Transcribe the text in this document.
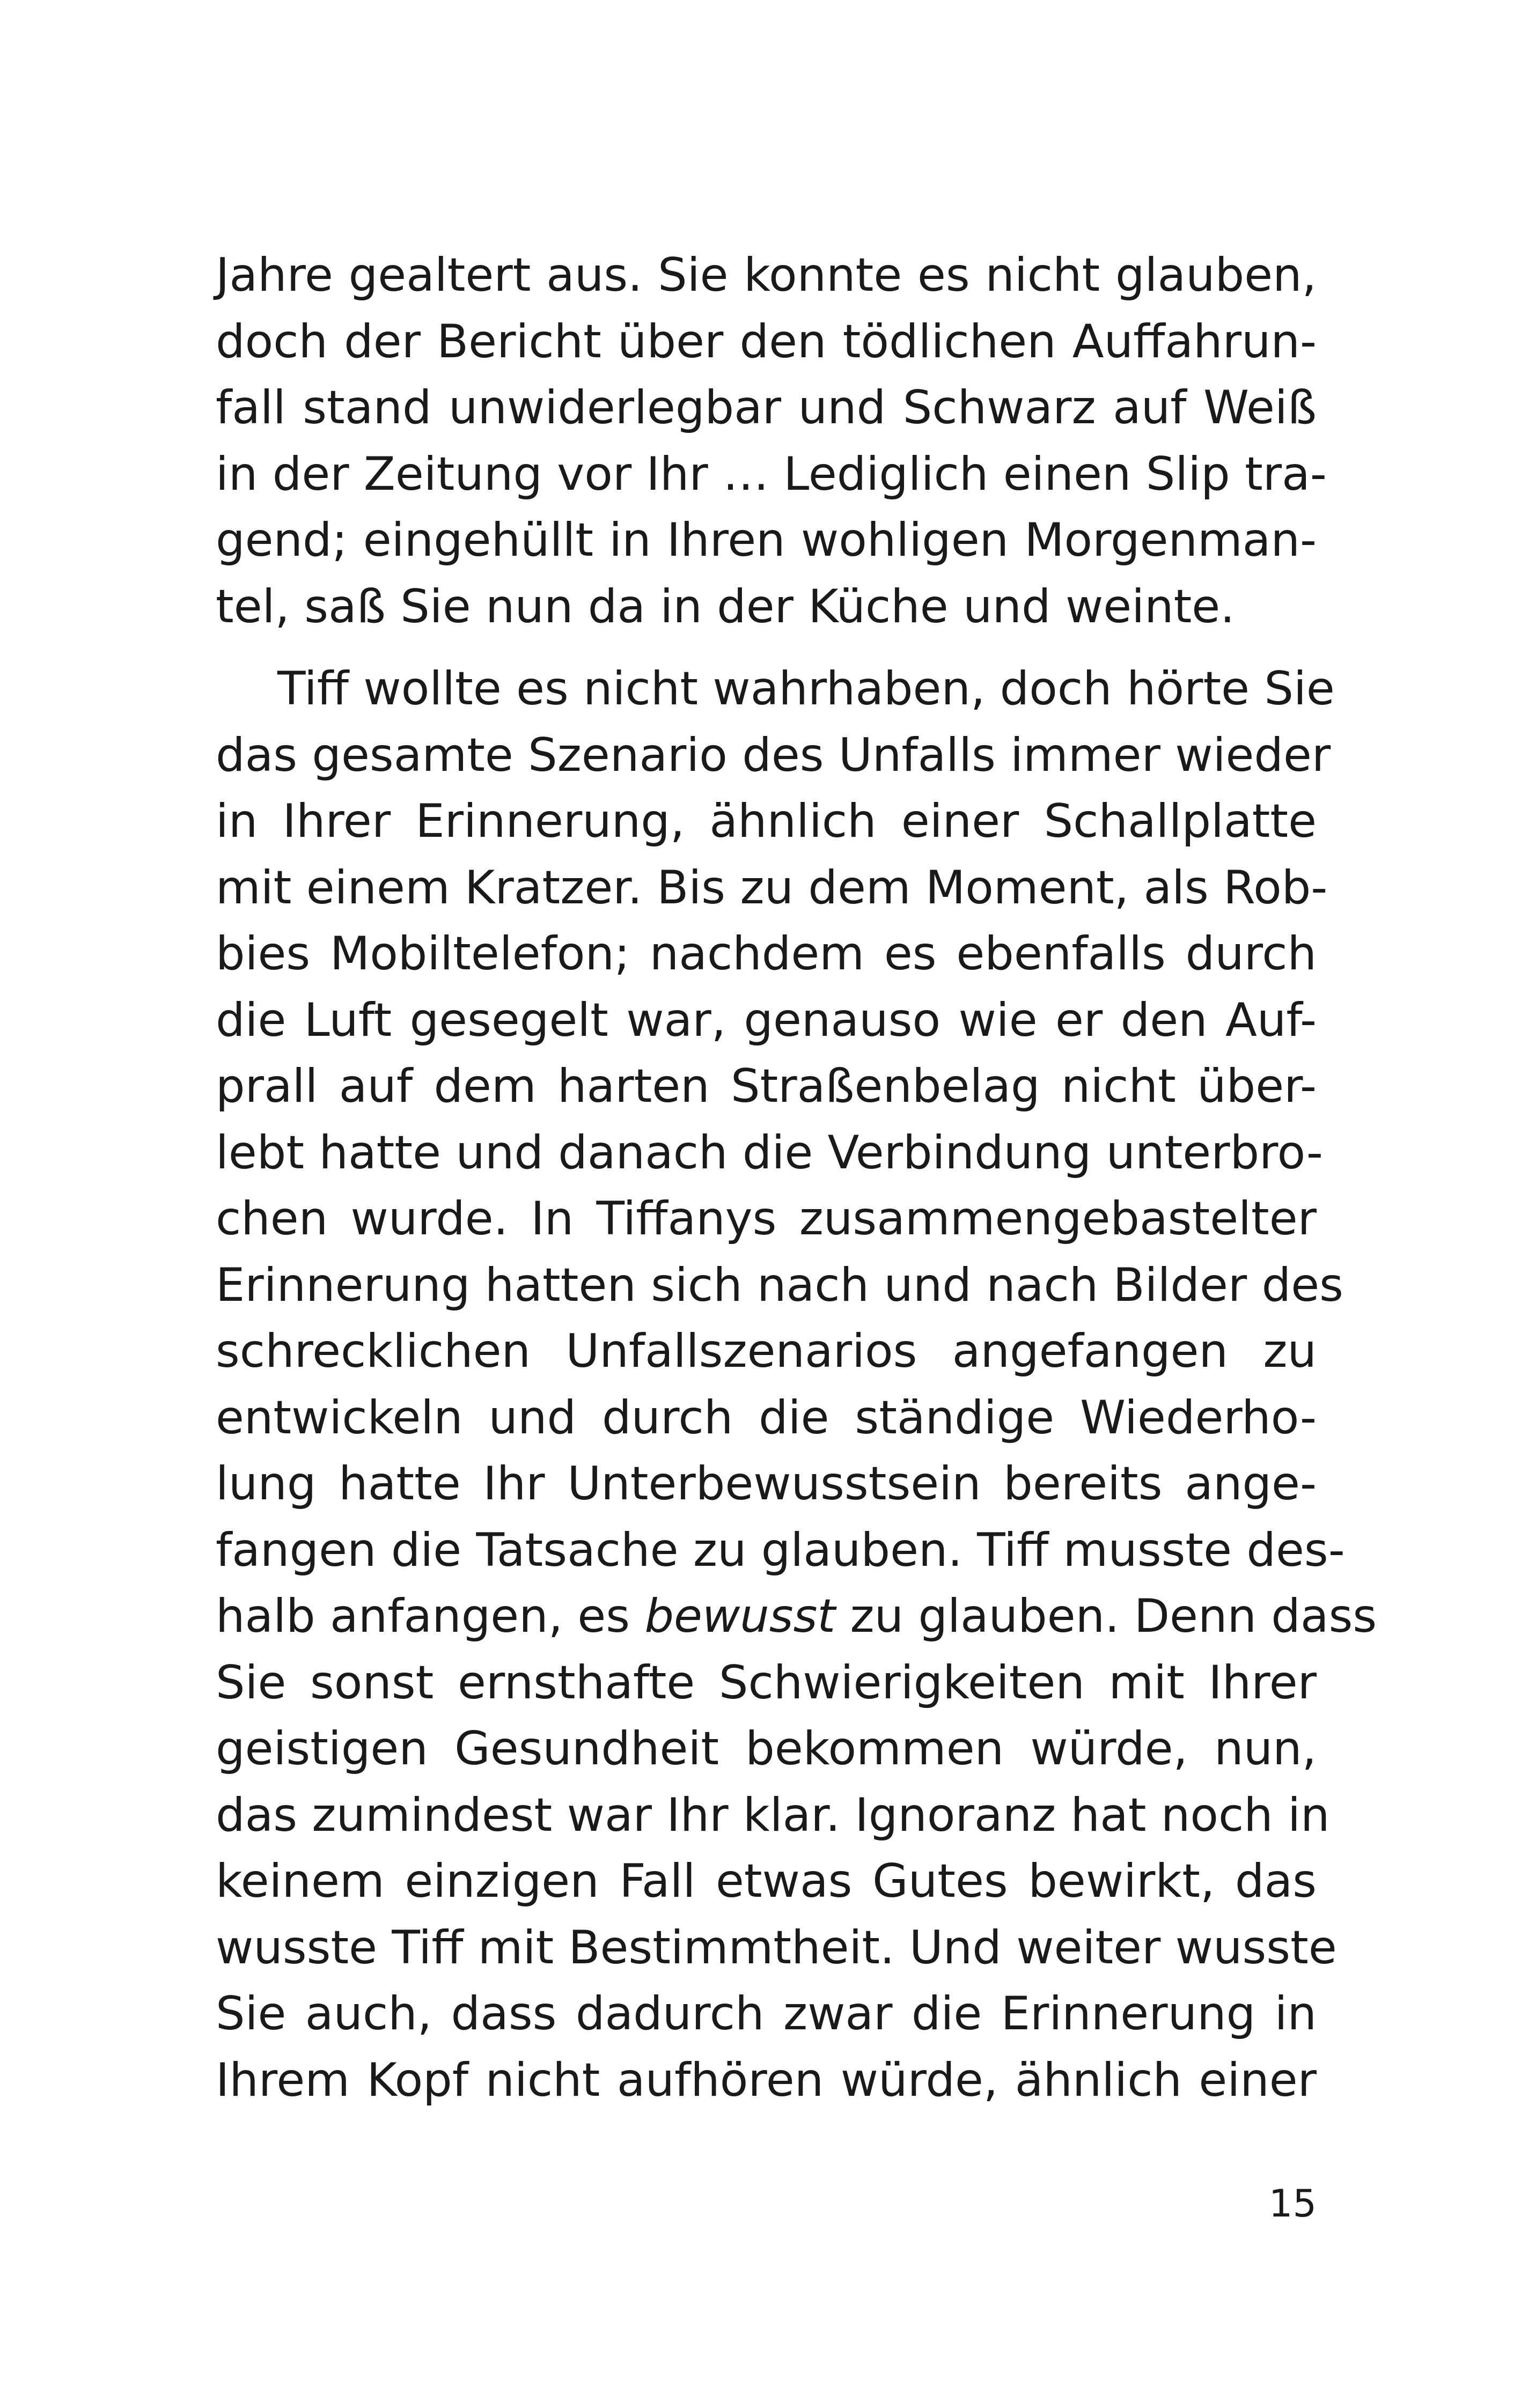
Jahre gealtert aus. Sie konnte es nicht glauben,
doch der Bericht über den tödlichen Auffahrun-
fall stand unwiderlegbar und Schwarz auf Weiß
in der Zeitung vor Ihr … Lediglich einen Slip tra-
gend; eingehüllt in Ihren wohligen Morgenman-
tel, saß Sie nun da in der Küche und weinte.
Tiff wollte es nicht wahrhaben, doch hörte Sie
das gesamte Szenario des Unfalls immer wieder
in Ihrer Erinnerung, ähnlich einer Schallplatte
mit einem Kratzer. Bis zu dem Moment, als Rob-
bies Mobiltelefon; nachdem es ebenfalls durch
die Luft gesegelt war, genauso wie er den Auf-
prall auf dem harten Straßenbelag nicht über-
lebt hatte und danach die Verbindung unterbro-
chen wurde. In Tiffanys zusammengebastelter
Erinnerung hatten sich nach und nach Bilder des
schrecklichen Unfallszenarios angefangen zu
entwickeln und durch die ständige Wiederho-
lung hatte Ihr Unterbewusstsein bereits ange-
fangen die Tatsache zu glauben. Tiff musste des-
halb anfangen, es bewusst zu glauben. Denn dass
Sie sonst ernsthafte Schwierigkeiten mit Ihrer
geistigen Gesundheit bekommen würde, nun,
das zumindest war Ihr klar. Ignoranz hat noch in
keinem einzigen Fall etwas Gutes bewirkt, das
wusste Tiff mit Bestimmtheit. Und weiter wusste
Sie auch, dass dadurch zwar die Erinnerung in
Ihrem Kopf nicht aufhören würde, ähnlich einer
15
